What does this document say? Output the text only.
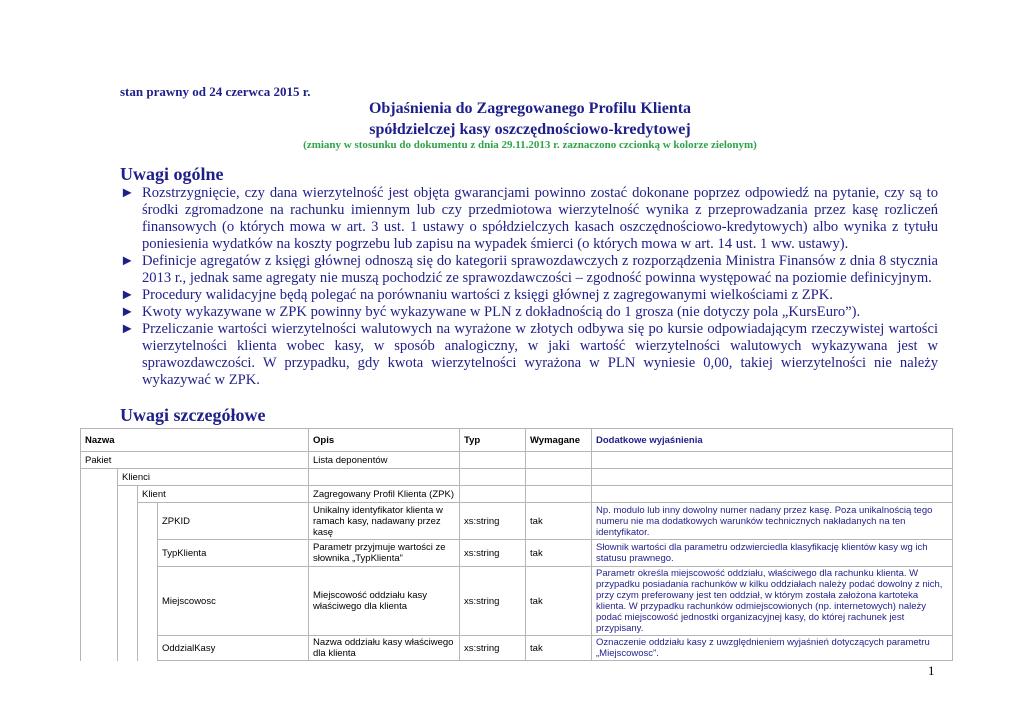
stan prawny od 24 czerwca 2015 r.
Objaśnienia do Zagregowanego Profilu Klienta
spółdzielczej kasy oszczędnościowo-kredytowej
(zmiany w stosunku do dokumentu z dnia 29.11.2013 r. zaznaczono czcionką w kolorze zielonym)
Uwagi ogólne
► Rozstrzygnięcie, czy dana wierzytelność jest objęta gwarancjami powinno zostać dokonane poprzez odpowiedź na pytanie, czy są to środki zgromadzone na rachunku imiennym lub czy przedmiotowa wierzytelność wynika z przeprowadzania przez kasę rozliczeń finansowych (o których mowa w art. 3 ust. 1 ustawy o spółdzielczych kasach oszczędnościowo-kredytowych) albo wynika z tytułu poniesienia wydatków na koszty pogrzebu lub zapisu na wypadek śmierci (o których mowa w art. 14 ust. 1 ww. ustawy).
► Definicje agregatów z księgi głównej odnoszą się do kategorii sprawozdawczych z rozporządzenia Ministra Finansów z dnia 8 stycznia 2013 r., jednak same agregaty nie muszą pochodzić ze sprawozdawczości – zgodność powinna występować na poziomie definicyjnym.
► Procedury walidacyjne będą polegać na porównaniu wartości z księgi głównej z zagregowanymi wielkościami z ZPK.
► Kwoty wykazywane w ZPK powinny być wykazywane w PLN z dokładnością do 1 grosza (nie dotyczy pola „KursEuro”).
► Przeliczanie wartości wierzytelności walutowych na wyrażone w złotych odbywa się po kursie odpowiadającym rzeczywistej wartości wierzytelności klienta wobec kasy, w sposób analogiczny, w jaki wartość wierzytelności walutowych wykazywana jest w sprawozdawczości. W przypadku, gdy kwota wierzytelności wyrażona w PLN wyniesie 0,00, takiej wierzytelności nie należy wykazywać w ZPK.
Uwagi szczegółowe
Nazwa				Opis	Typ	Wymagane	Dodatkowe wyjaśnienia
Pakiet				Lista deponentów			
	Klienci						
		Klient		Zagregowany Profil Klienta (ZPK)			
			ZPKID	Unikalny identyfikator klienta w ramach kasy, nadawany przez kasę	xs:string	tak	Np. modulo lub inny dowolny numer nadany przez kasę. Poza unikalnością tego numeru nie ma dodatkowych warunków technicznych nakładanych na ten identyfikator.
			TypKlienta	Parametr przyjmuje wartości ze słownika „TypKlienta”	xs:string	tak	Słownik wartości dla parametru odzwierciedla klasyfikację klientów kasy wg ich statusu prawnego.
			Miejscowosc	Miejscowość oddziału kasy właściwego dla klienta	xs:string	tak	Parametr określa miejscowość oddziału, właściwego dla rachunku klienta. W przypadku posiadania rachunków w kilku oddziałach należy podać dowolny z nich, przy czym preferowany jest ten oddział, w którym została założona kartoteka klienta. W przypadku rachunków odmiejscowionych (np. internetowych) należy podać miejscowość jednostki organizacyjnej kasy, do której rachunek jest przypisany.
			OddzialKasy	Nazwa oddziału kasy właściwego dla klienta	xs:string	tak	Oznaczenie oddziału kasy z uwzględnieniem wyjaśnień dotyczących parametru „Miejscowosc”.
1
